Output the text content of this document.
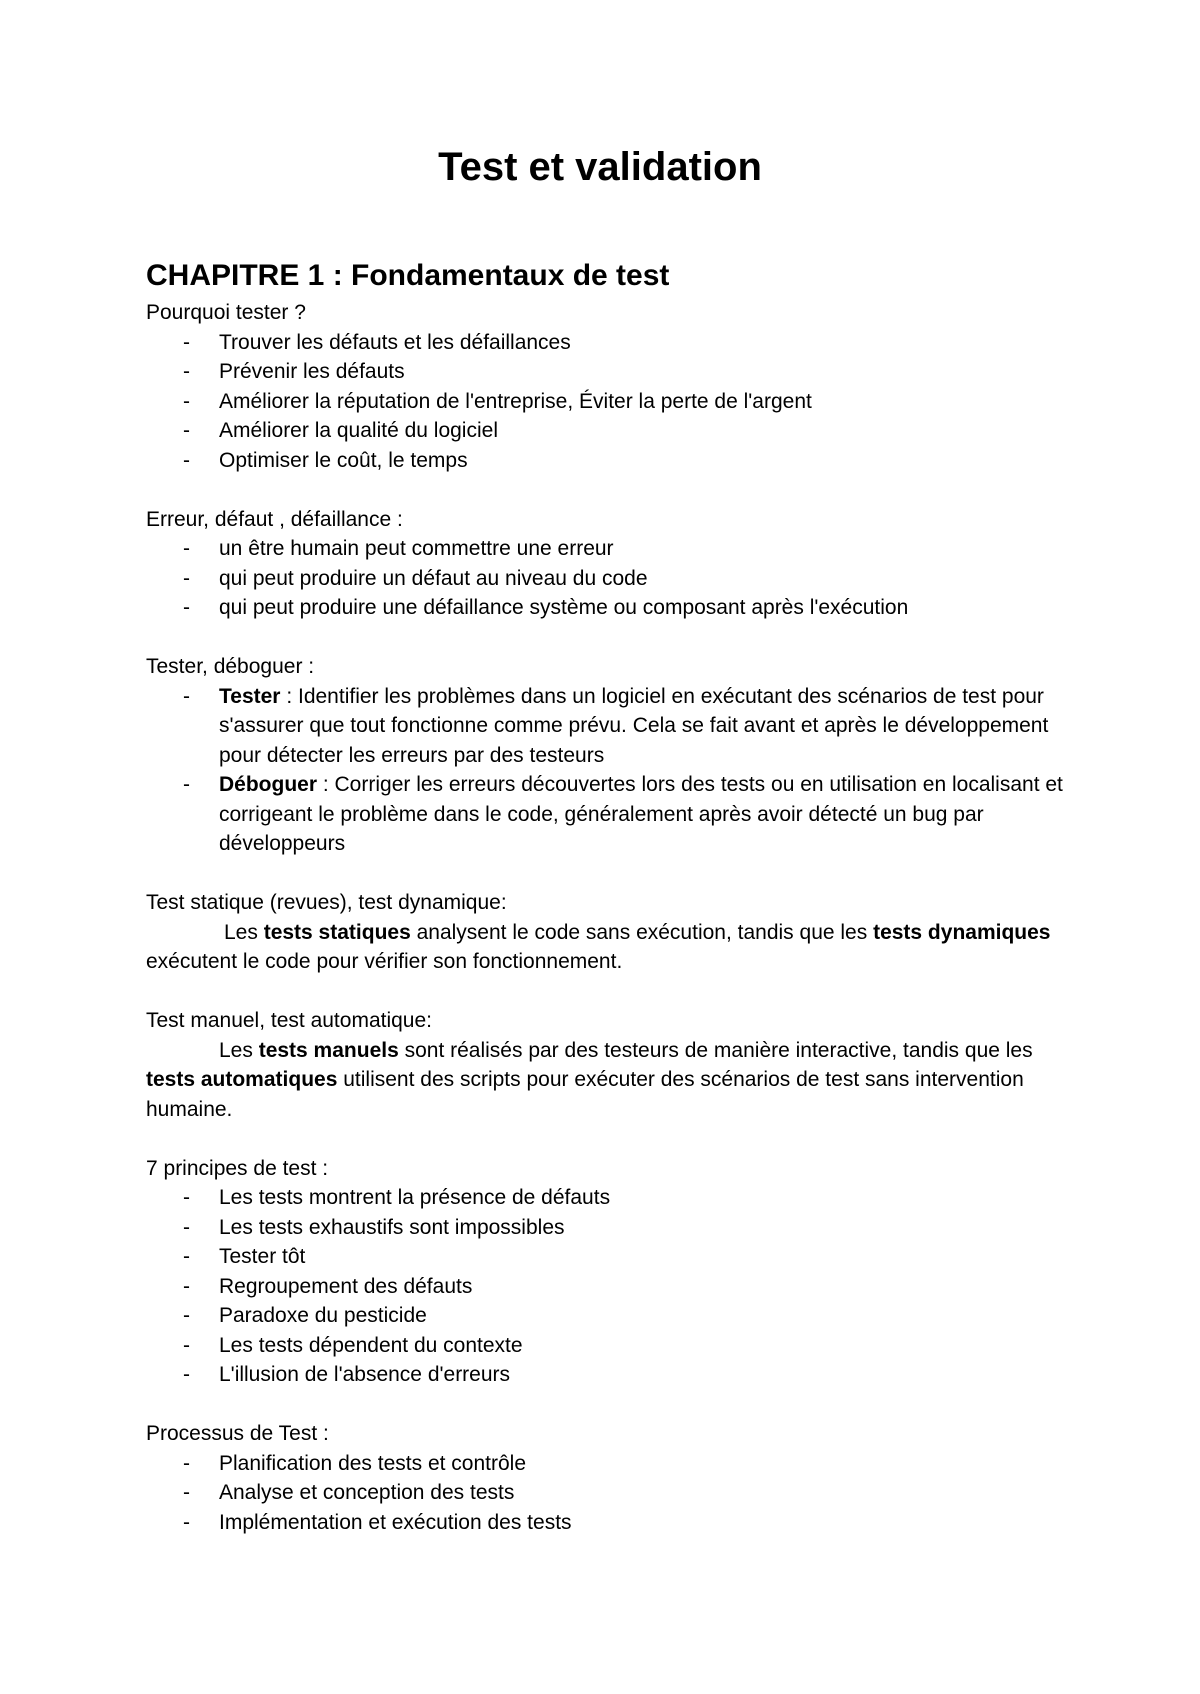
Test et validation
CHAPITRE 1 : Fondamentaux de test

Pourquoi tester ?

- Trouver les défauts et les défaillances
- Prévenir les défauts
- Améliorer la réputation de l'entreprise, Éviter la perte de l'argent
- Améliorer la qualité du logiciel
- Optimiser le coût, le temps

Erreur, défaut , défaillance :

- un être humain peut commettre une erreur
- qui peut produire un défaut au niveau du code
- qui peut produire une défaillance système ou composant après l'exécution

Tester, déboguer :

- Tester : Identifier les problèmes dans un logiciel en exécutant des scénarios de test pour s'assurer que tout fonctionne comme prévu. Cela se fait avant et après le développement pour détecter les erreurs par des testeurs
- Déboguer : Corriger les erreurs découvertes lors des tests ou en utilisation en localisant et corrigeant le problème dans le code, généralement après avoir détecté un bug par développeurs

Test statique (revues), test dynamique:

Les tests statiques analysent le code sans exécution, tandis que les tests dynamiques exécutent le code pour vérifier son fonctionnement.

Test manuel, test automatique:

Les tests manuels sont réalisés par des testeurs de manière interactive, tandis que les tests automatiques utilisent des scripts pour exécuter des scénarios de test sans intervention humaine.

7 principes de test :

- Les tests montrent la présence de défauts
- Les tests exhaustifs sont impossibles
- Tester tôt
- Regroupement des défauts
- Paradoxe du pesticide
- Les tests dépendent du contexte
- L'illusion de l'absence d'erreurs

Processus de Test :

- Planification des tests et contrôle
- Analyse et conception des tests
- Implémentation et exécution des tests
